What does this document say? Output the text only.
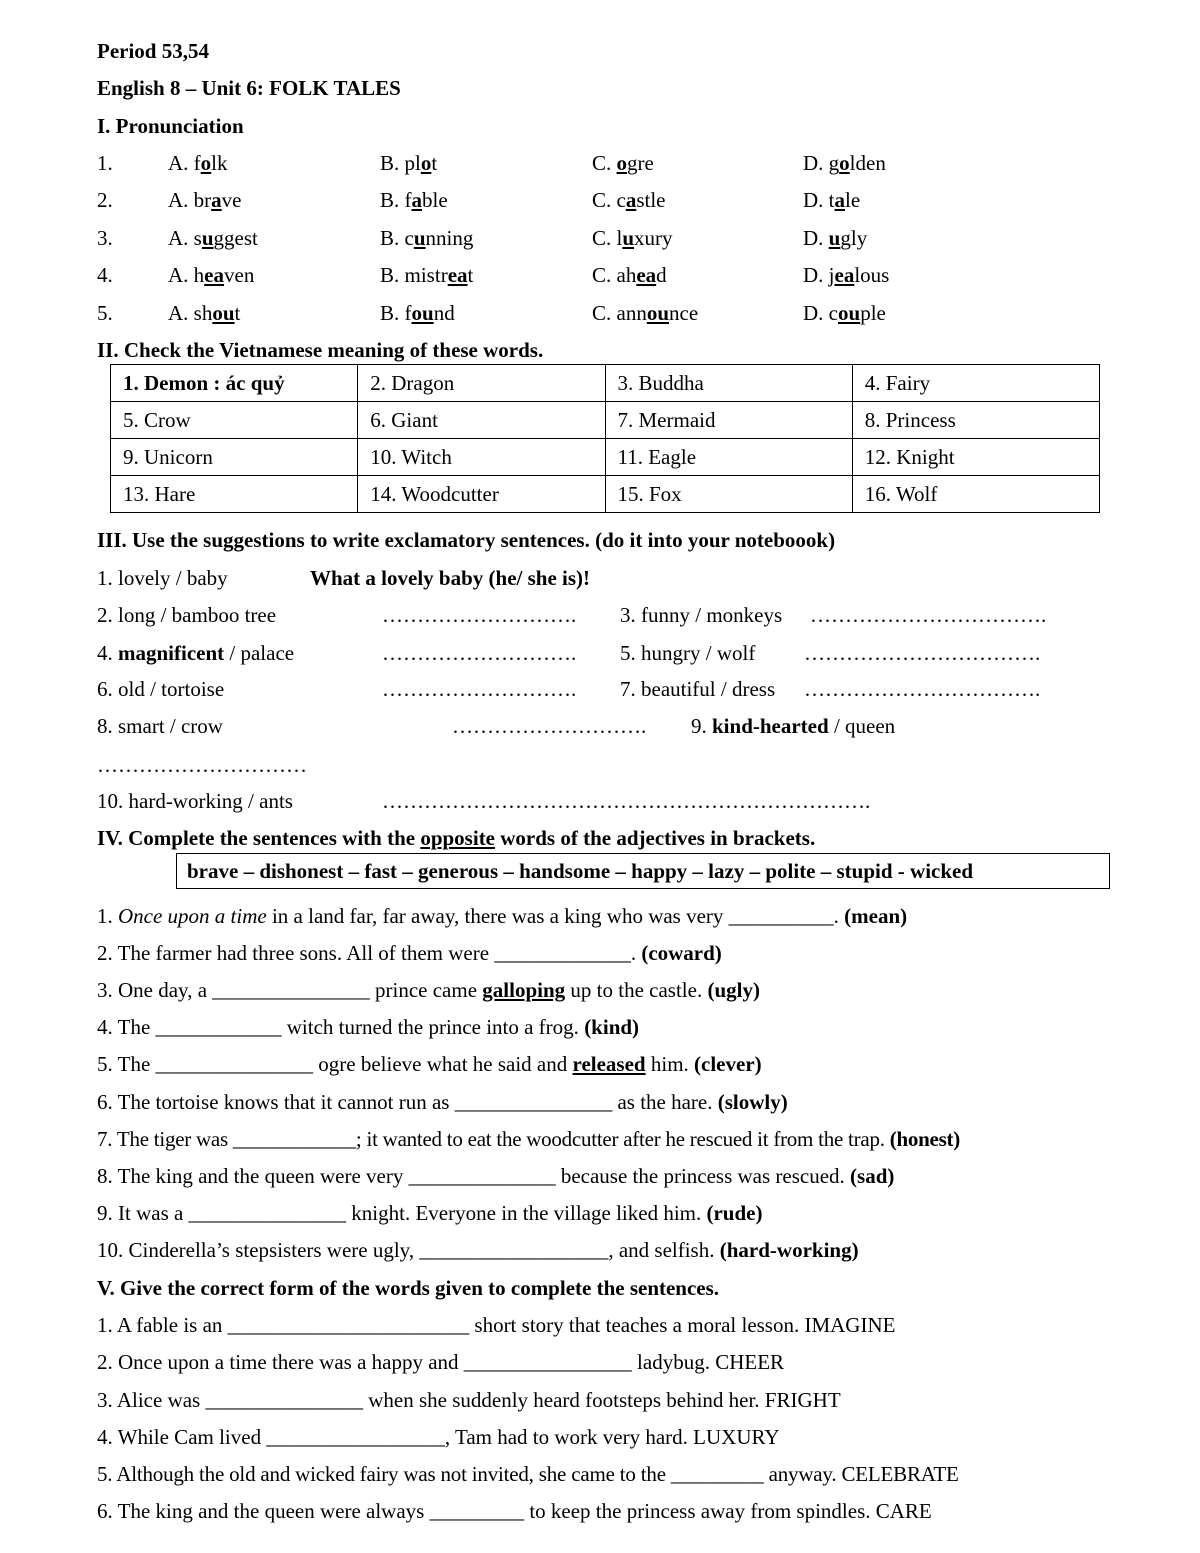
Period 53,54
English 8 – Unit 6: FOLK TALES
I. Pronunciation
1.	A. folk	B. plot	C. ogre	D. golden
2.	A. brave	B. fable	C. castle	D. tale
3.	A. suggest	B. cunning	C. luxury	D. ugly
4.	A. heaven	B. mistreat	C. ahead	D. jealous
5.	A. shout	B. found	C. announce	D. couple
II. Check the Vietnamese meaning of these words.
1. Demon : ác quỷ	2. Dragon	3. Buddha	4. Fairy
5. Crow	6. Giant	7. Mermaid	8. Princess
9. Unicorn	10. Witch	11. Eagle	12. Knight
13. Hare	14. Woodcutter	15. Fox	16. Wolf
III. Use the suggestions to write exclamatory sentences. (do it into your noteboook)
1. lovely / baby	What a lovely baby (he/ she is)!
2. long / bamboo tree	………………………. 3. funny / monkeys …………………………….
4. magnificent / palace	………………………. 5. hungry / wolf …………………………….
6. old / tortoise	………………………. 7. beautiful / dress …………………………….
8. smart / crow	………………………. 9. kind-hearted / queen
…………………………
10. hard-working / ants	…………………………………………………………….
IV. Complete the sentences with the opposite words of the adjectives in brackets.
brave – dishonest – fast – generous – handsome – happy – lazy – polite – stupid - wicked
1. Once upon a time in a land far, far away, there was a king who was very __________. (mean)
2. The farmer had three sons. All of them were _____________. (coward)
3. One day, a _______________ prince came galloping up to the castle. (ugly)
4. The ____________ witch turned the prince into a frog. (kind)
5. The _______________ ogre believe what he said and released him. (clever)
6. The tortoise knows that it cannot run as _______________ as the hare. (slowly)
7. The tiger was ____________; it wanted to eat the woodcutter after he rescued it from the trap. (honest)
8. The king and the queen were very ______________ because the princess was rescued. (sad)
9. It was a _______________ knight. Everyone in the village liked him. (rude)
10. Cinderella’s stepsisters were ugly, __________________, and selfish. (hard-working)
V. Give the correct form of the words given to complete the sentences.
1. A fable is an _______________________ short story that teaches a moral lesson. IMAGINE
2. Once upon a time there was a happy and ________________ ladybug. CHEER
3. Alice was _______________ when she suddenly heard footsteps behind her. FRIGHT
4. While Cam lived _________________, Tam had to work very hard. LUXURY
5. Although the old and wicked fairy was not invited, she came to the _________ anyway. CELEBRATE
6. The king and the queen were always _________ to keep the princess away from spindles. CARE
